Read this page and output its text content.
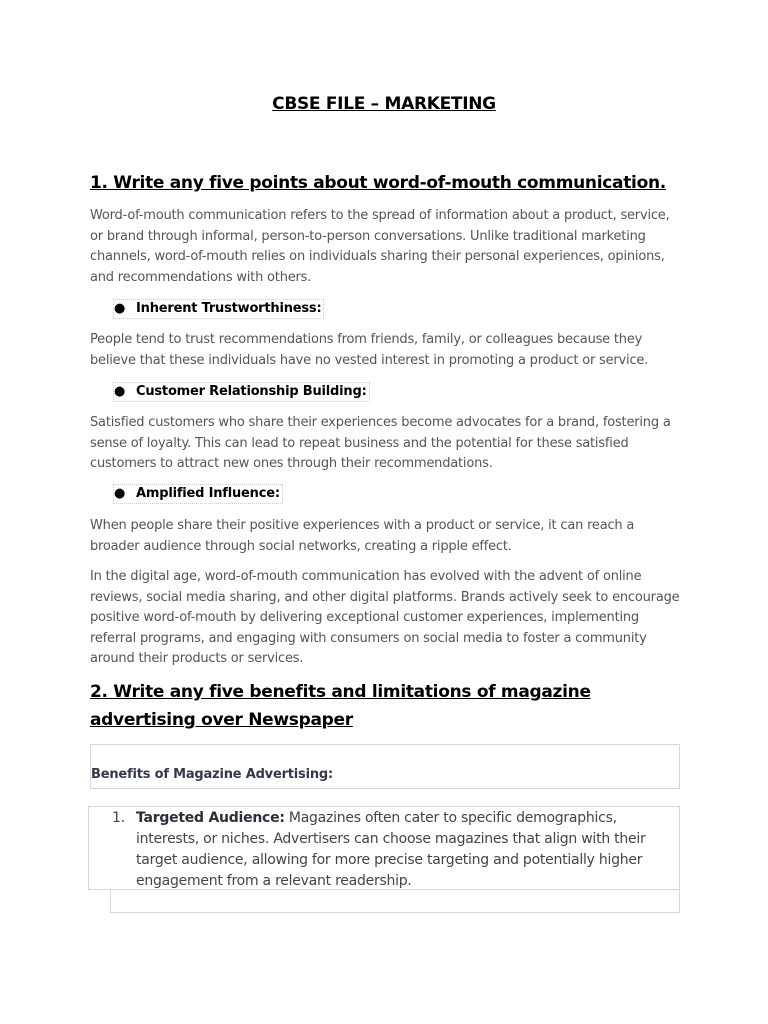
CBSE FILE – MARKETING
1. Write any five points about word-of-mouth communication.
Word-of-mouth communication refers to the spread of information about a product, service, or brand through informal, person-to-person conversations. Unlike traditional marketing channels, word-of-mouth relies on individuals sharing their personal experiences, opinions, and recommendations with others.
● Inherent Trustworthiness:
People tend to trust recommendations from friends, family, or colleagues because they believe that these individuals have no vested interest in promoting a product or service.
● Customer Relationship Building:
Satisfied customers who share their experiences become advocates for a brand, fostering a sense of loyalty. This can lead to repeat business and the potential for these satisfied customers to attract new ones through their recommendations.
● Amplified Influence:
When people share their positive experiences with a product or service, it can reach a broader audience through social networks, creating a ripple effect.
In the digital age, word-of-mouth communication has evolved with the advent of online reviews, social media sharing, and other digital platforms. Brands actively seek to encourage positive word-of-mouth by delivering exceptional customer experiences, implementing referral programs, and engaging with consumers on social media to foster a community around their products or services.
2. Write any five benefits and limitations of magazine advertising over Newspaper
Benefits of Magazine Advertising:
1. Targeted Audience: Magazines often cater to specific demographics, interests, or niches. Advertisers can choose magazines that align with their target audience, allowing for more precise targeting and potentially higher engagement from a relevant readership.
